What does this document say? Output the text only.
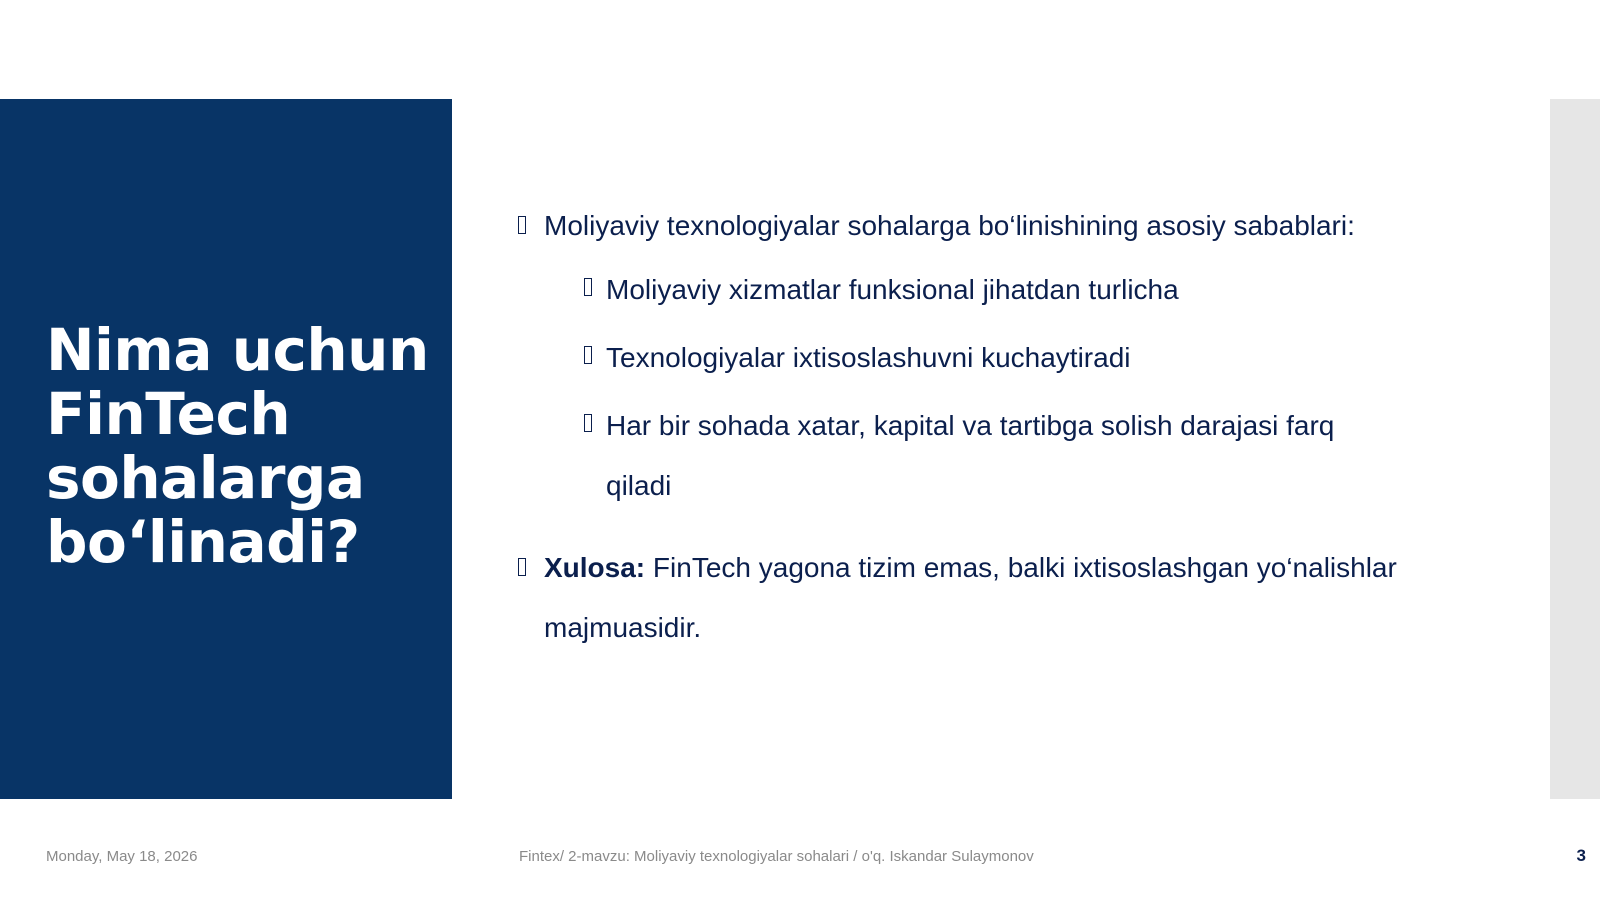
Nima uchun
FinTech
sohalarga
bo‘linadi?
Moliyaviy texnologiyalar sohalarga bo‘linishining asosiy sabablari:
Moliyaviy xizmatlar funksional jihatdan turlicha
Texnologiyalar ixtisoslashuvni kuchaytiradi
Har bir sohada xatar, kapital va tartibga solish darajasi farq qiladi
Xulosa: FinTech yagona tizim emas, balki ixtisoslashgan yo‘nalishlar majmuasidir.
Monday, May 18, 2026	Fintex/ 2-mavzu: Moliyaviy texnologiyalar sohalari / o'q. Iskandar Sulaymonov	3
